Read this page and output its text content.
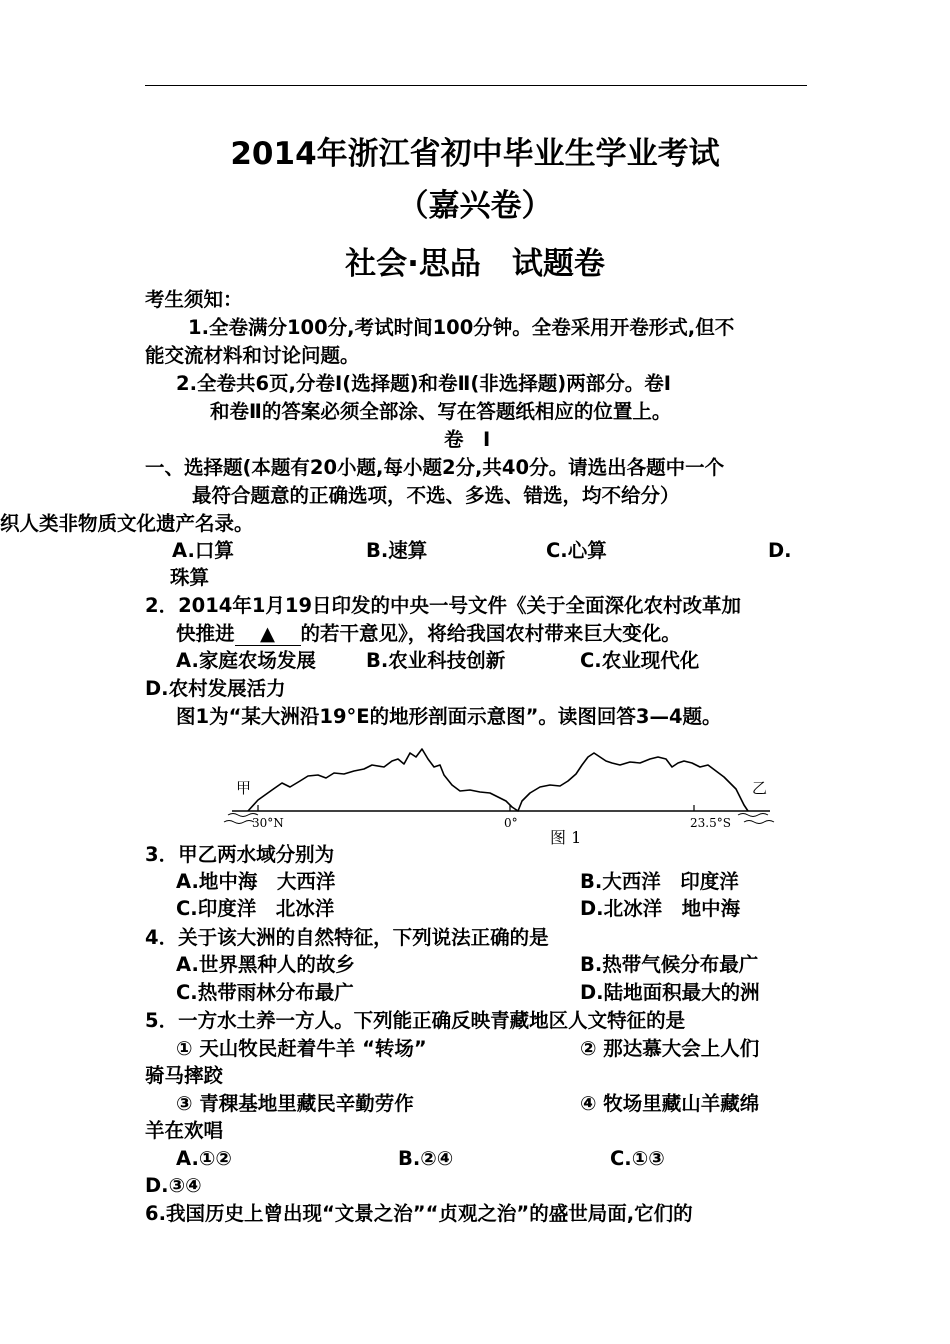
2014年浙江省初中毕业生学业考试
（嘉兴卷）
社会·思品　试题卷
考生须知：
1.全卷满分100分,考试时间100分钟。全卷采用开卷形式,但不
能交流材料和讨论问题。
2.全卷共6页,分卷Ⅰ(选择题)和卷Ⅱ(非选择题)两部分。卷Ⅰ
和卷Ⅱ的答案必须全部涂、写在答题纸相应的位置上。
卷　Ⅰ
一、选择题(本题有20小题,每小题2分,共40分。请选出各题中一个
最符合题意的正确选项，不选、多选、错选，均不给分）
织人类非物质文化遗产名录。
A.口算	B.速算	C.心算	D.
珠算
2．2014年1月19日印发的中央一号文件《关于全面深化农村改革加
快推进 ▲ 的若干意见》，将给我国农村带来巨大变化。
A.家庭农场发展	B.农业科技创新	C.农业现代化
D.农村发展活力
图1为“某大洲沿19°E的地形剖面示意图”。读图回答3—4题。
甲	乙
30°N	0°	23.5°S
图 1
3．甲乙两水域分别为
A.地中海　大西洋	B.大西洋　印度洋
C.印度洋　北冰洋	D.北冰洋　地中海
4．关于该大洲的自然特征，下列说法正确的是
A.世界黑种人的故乡	B.热带气候分布最广
C.热带雨林分布最广	D.陆地面积最大的洲
5．一方水土养一方人。下列能正确反映青藏地区人文特征的是
① 天山牧民赶着牛羊 “转场”	② 那达慕大会上人们
骑马摔跤
③ 青稞基地里藏民辛勤劳作	④ 牧场里藏山羊藏绵
羊在欢唱
A.①②	B.②④	C.①③
D.③④
6.我国历史上曾出现“文景之治”“贞观之治”的盛世局面,它们的
